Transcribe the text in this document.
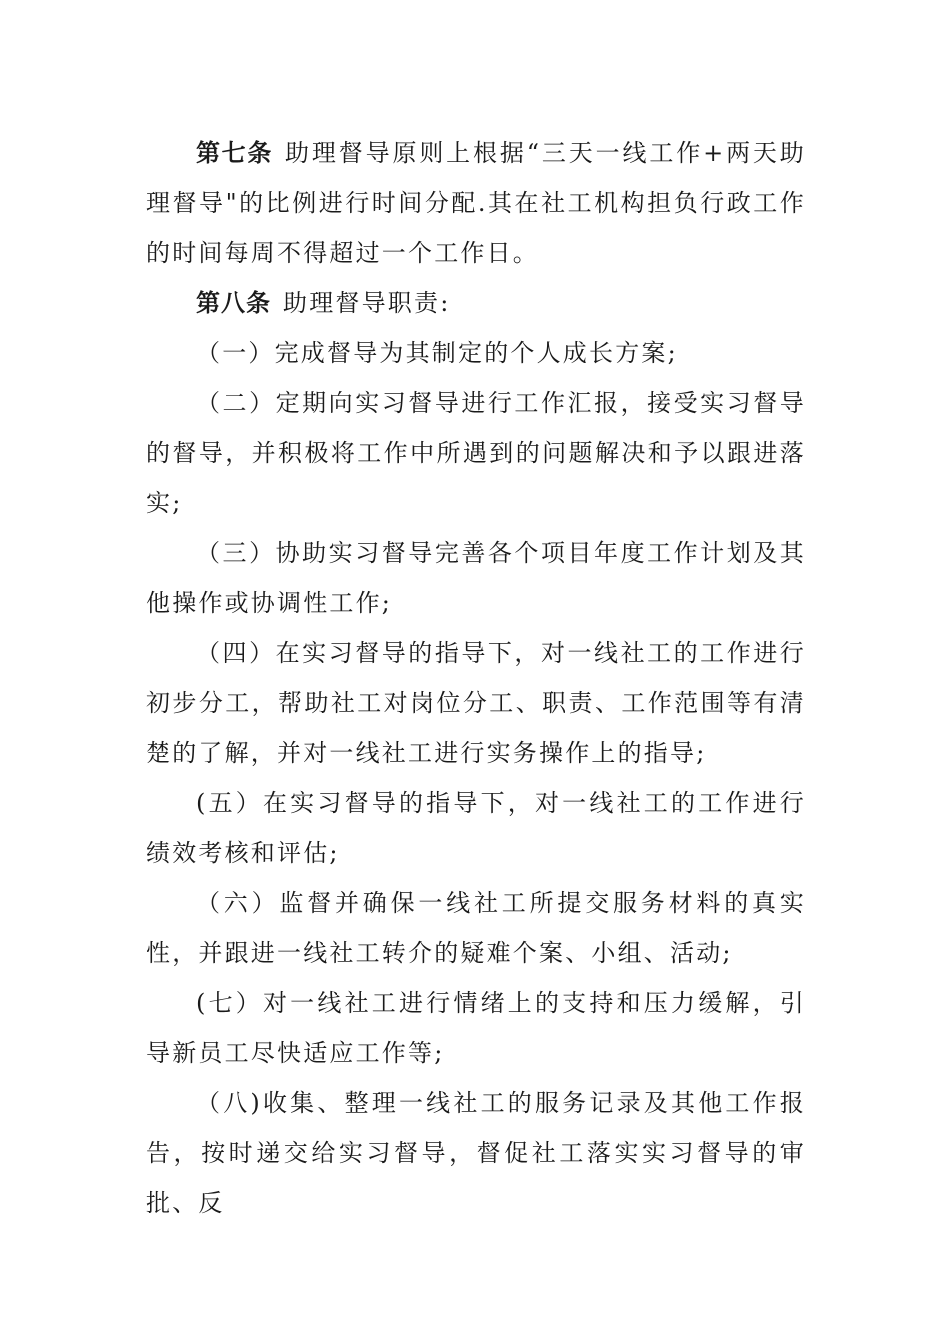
第七条 助理督导原则上根据“三天一线工作+两天助理督导"的比例进行时间分配.其在社工机构担负行政工作的时间每周不得超过一个工作日。

第八条 助理督导职责:

（一）完成督导为其制定的个人成长方案;

（二）定期向实习督导进行工作汇报，接受实习督导的督导，并积极将工作中所遇到的问题解决和予以跟进落实;

（三）协助实习督导完善各个项目年度工作计划及其他操作或协调性工作;

（四）在实习督导的指导下，对一线社工的工作进行初步分工，帮助社工对岗位分工、职责、工作范围等有清楚的了解，并对一线社工进行实务操作上的指导;

(五）在实习督导的指导下，对一线社工的工作进行绩效考核和评估;

（六）监督并确保一线社工所提交服务材料的真实性，并跟进一线社工转介的疑难个案、小组、活动;

(七）对一线社工进行情绪上的支持和压力缓解，引导新员工尽快适应工作等;

（八)收集、整理一线社工的服务记录及其他工作报告，按时递交给实习督导，督促社工落实实习督导的审批、反
